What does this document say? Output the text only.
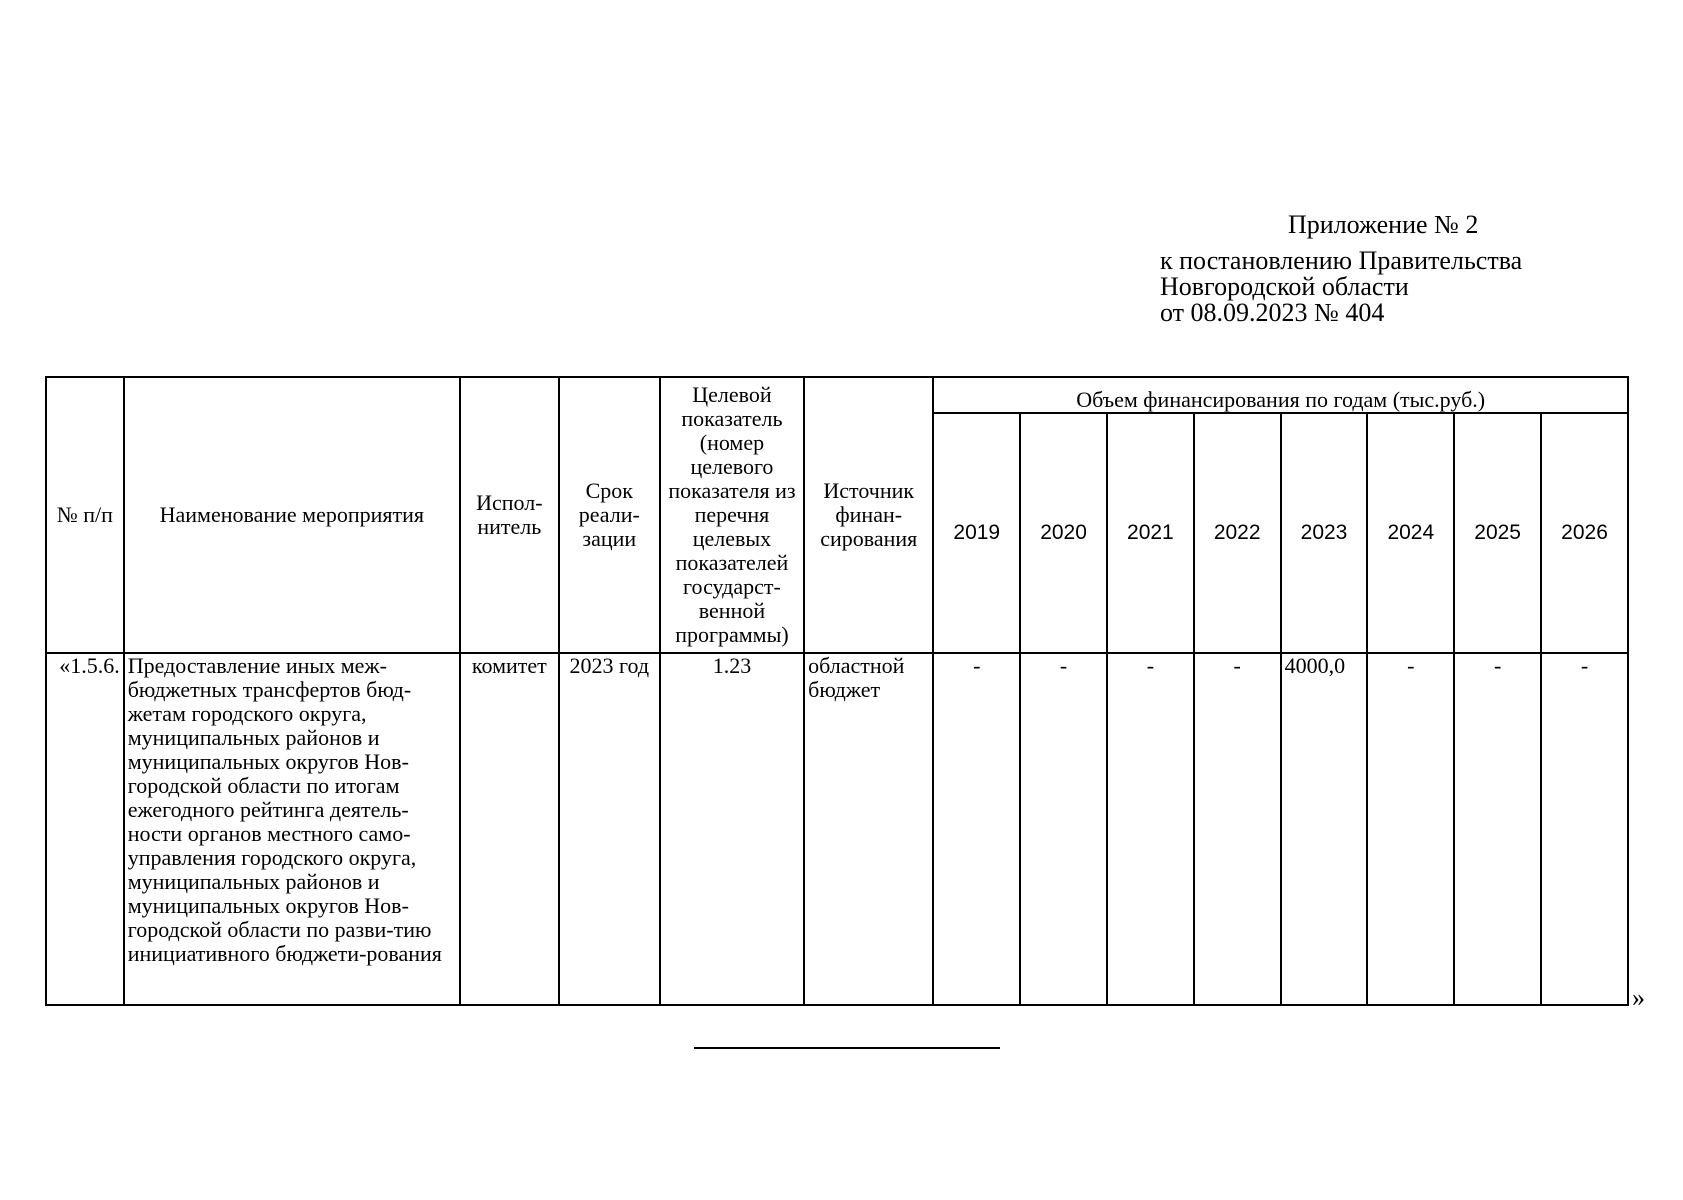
Приложение № 2
к постановлению Правительства
Новгородской области
от 08.09.2023 № 404
№ п/п	Наименование мероприятия	Испол-нитель	Срок реали-зации	Целевой показатель (номер целевого показателя из перечня целевых показателей государст-венной программы)	Источник финан-сирования	Объем финансирования по годам (тыс.руб.)							
						2019	2020	2021	2022	2023	2024	2025	2026
«1.5.6.	Предоставление иных меж-бюджетных трансфертов бюд-жетам городского округа, муниципальных районов и муниципальных округов Нов-городской области по итогам ежегодного рейтинга деятель-ности органов местного само-управления городского округа, муниципальных районов и муниципальных округов Нов-городской области по разви-тию инициативного бюджети-рования	комитет	2023 год	1.23	областной бюджет	-	-	-	-	4000,0	-	-	-
»
